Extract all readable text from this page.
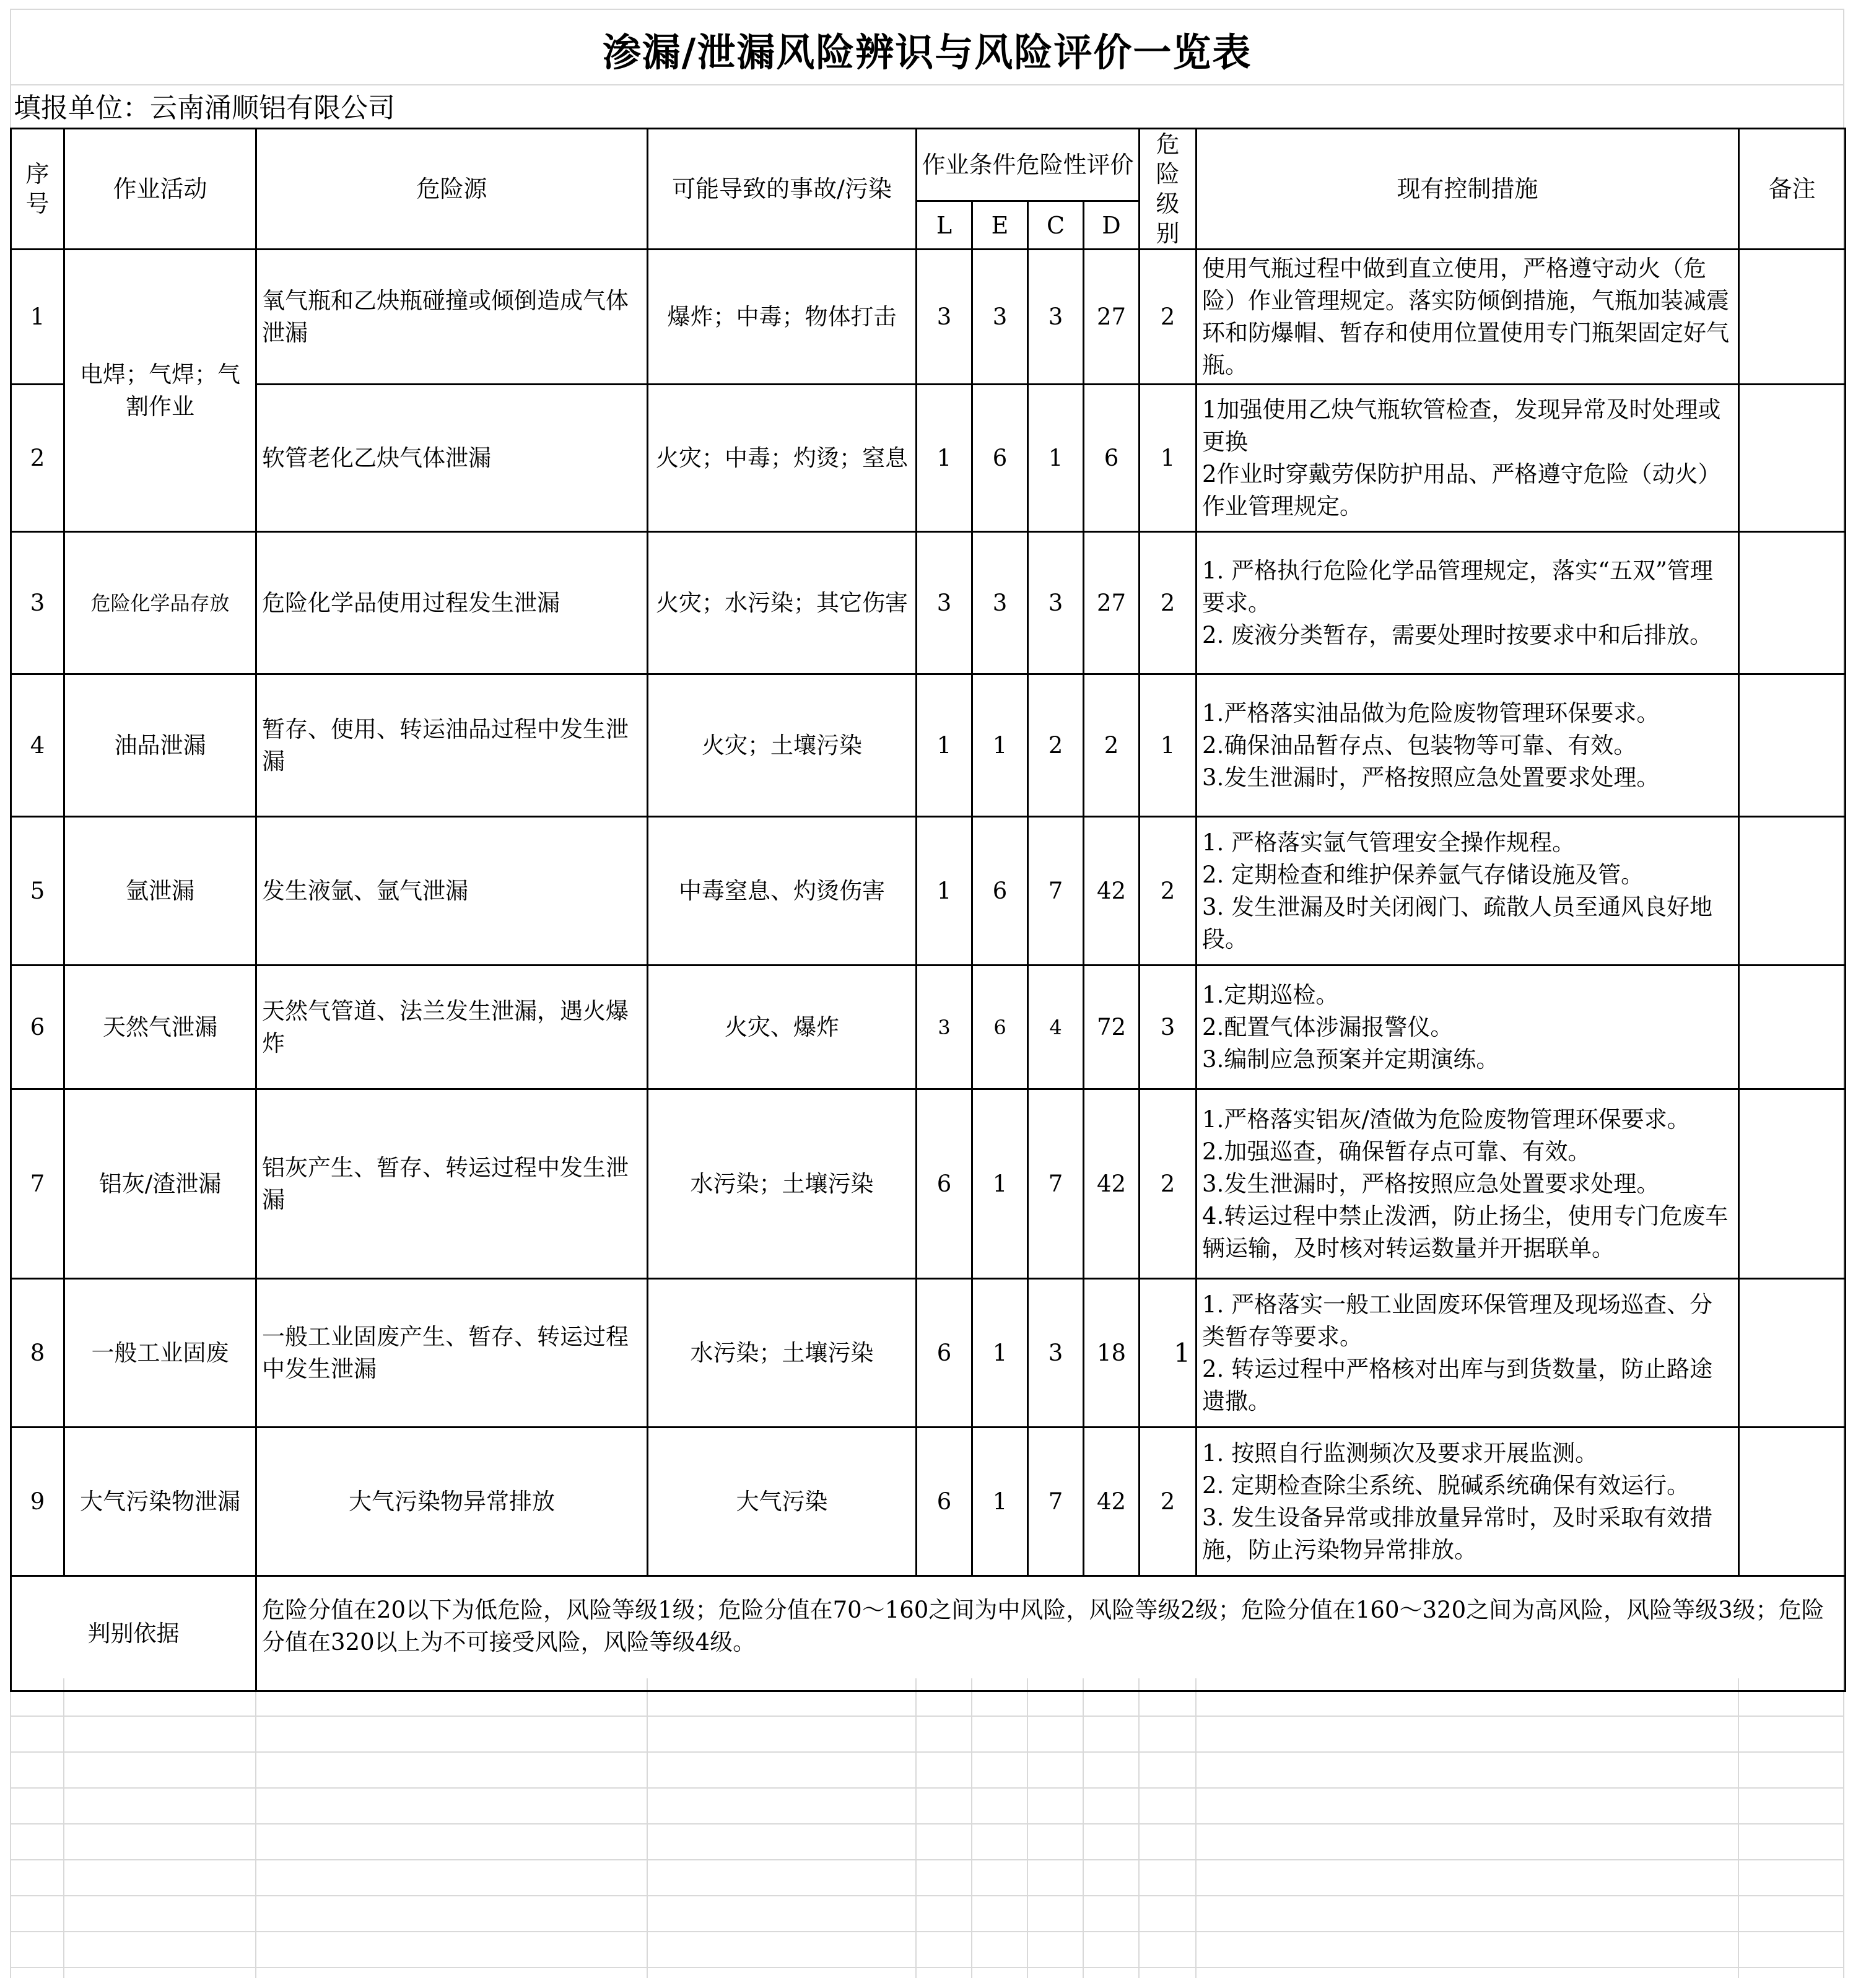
渗漏/泄漏风险辨识与风险评价一览表
填报单位：云南涌顺铝有限公司
序号	作业活动	危险源	可能导致的事故/污染	作业条件危险性评价				危险级别	现有控制措施	备注
				L	E	C	D			
1	电焊；气焊；气割作业	氧气瓶和乙炔瓶碰撞或倾倒造成气体泄漏	爆炸；中毒；物体打击	3	3	3	27	2	使用气瓶过程中做到直立使用，严格遵守动火（危险）作业管理规定。落实防倾倒措施，气瓶加装减震环和防爆帽、暂存和使用位置使用专门瓶架固定好气瓶。	
2		软管老化乙炔气体泄漏	火灾；中毒；灼烫；窒息	1	6	1	6	1	1加强使用乙炔气瓶软管检查，发现异常及时处理或更换
2作业时穿戴劳保防护用品、严格遵守危险（动火）作业管理规定。	
3	危险化学品存放	危险化学品使用过程发生泄漏	火灾；水污染；其它伤害	3	3	3	27	2	1. 严格执行危险化学品管理规定，落实“五双”管理要求。
2. 废液分类暂存，需要处理时按要求中和后排放。	
4	油品泄漏	暂存、使用、转运油品过程中发生泄漏	火灾；土壤污染	1	1	2	2	1	1.严格落实油品做为危险废物管理环保要求。
2.确保油品暂存点、包装物等可靠、有效。
3.发生泄漏时，严格按照应急处置要求处理。	
5	氩泄漏	发生液氩、氩气泄漏	中毒窒息、灼烫伤害	1	6	7	42	2	1. 严格落实氩气管理安全操作规程。
2. 定期检查和维护保养氩气存储设施及管。
3. 发生泄漏及时关闭阀门、疏散人员至通风良好地段。	
6	天然气泄漏	天然气管道、法兰发生泄漏，遇火爆炸	火灾、爆炸	3	6	4	72	3	1.定期巡检。
2.配置气体涉漏报警仪。
3.编制应急预案并定期演练。	
7	铝灰/渣泄漏	铝灰产生、暂存、转运过程中发生泄漏	水污染；土壤污染	6	1	7	42	2	1.严格落实铝灰/渣做为危险废物管理环保要求。
2.加强巡查，确保暂存点可靠、有效。
3.发生泄漏时，严格按照应急处置要求处理。
4.转运过程中禁止泼洒，防止扬尘，使用专门危废车辆运输，及时核对转运数量并开据联单。	
8	一般工业固废	一般工业固废产生、暂存、转运过程中发生泄漏	水污染；土壤污染	6	1	3	18	1	1. 严格落实一般工业固废环保管理及现场巡查、分类暂存等要求。
2. 转运过程中严格核对出库与到货数量，防止路途遗撒。	
9	大气污染物泄漏	大气污染物异常排放	大气污染	6	1	7	42	2	1. 按照自行监测频次及要求开展监测。
2. 定期检查除尘系统、脱碱系统确保有效运行。
3. 发生设备异常或排放量异常时，及时采取有效措施，防止污染物异常排放。	
判别依据		危险分值在20以下为低危险，风险等级1级；危险分值在70～160之间为中风险，风险等级2级；危险分值在160～320之间为高风险，风险等级3级；危险分值在320以上为不可接受风险，风险等级4级。								
